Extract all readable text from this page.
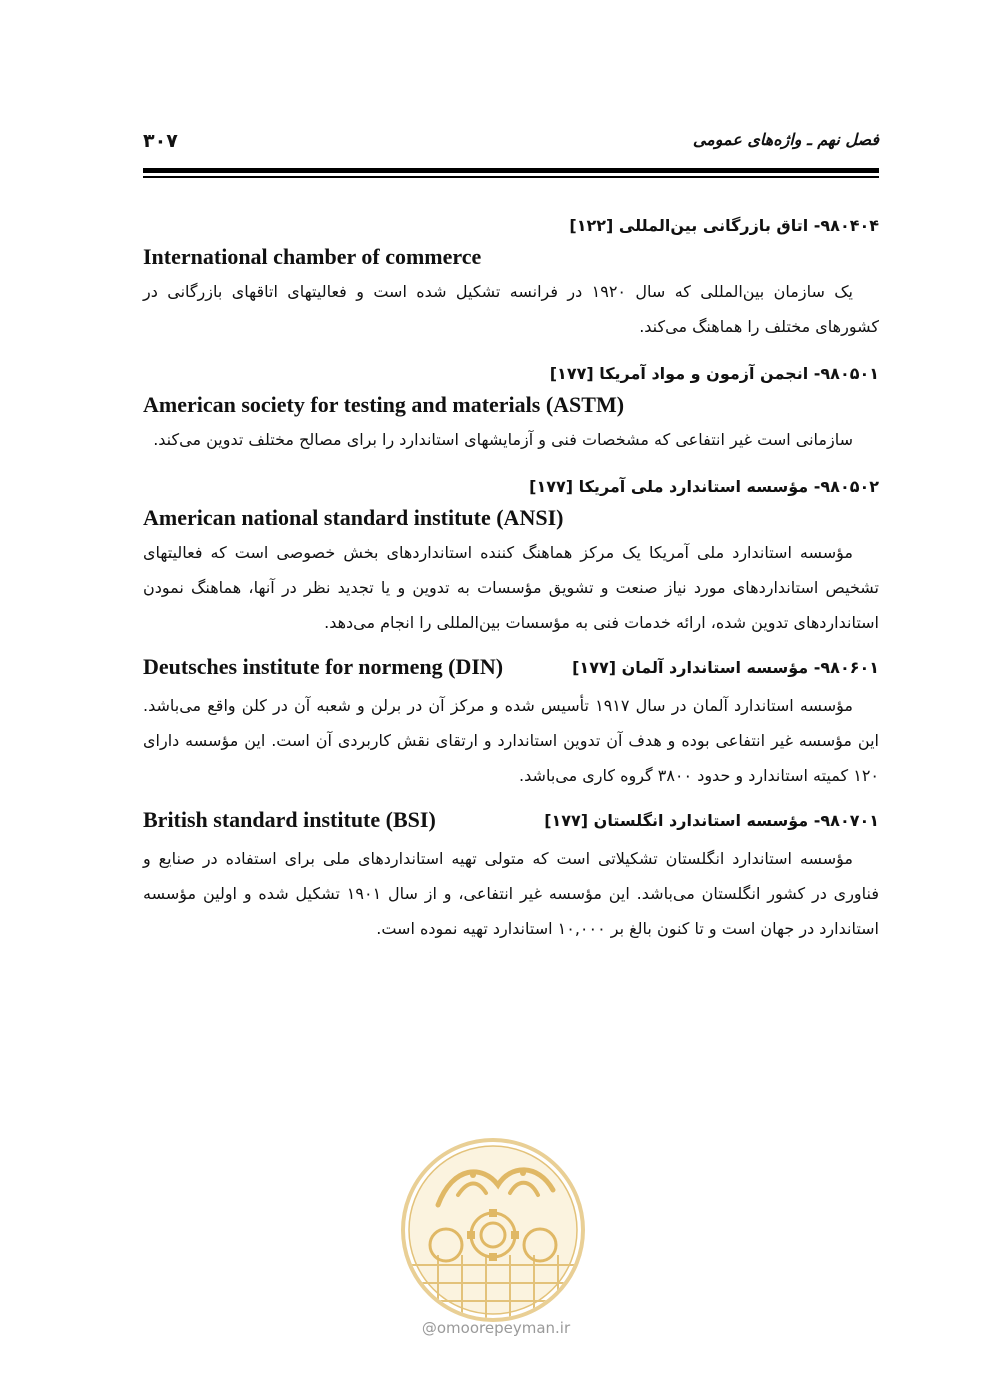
۳۰۷	فصل نهم ـ واژه‌های عمومی
۹۸۰۴۰۴- اتاق بازرگانی بین‌المللی [۱۲۲]
International chamber of commerce

یک سازمان بین‌المللی که سال ۱۹۲۰ در فرانسه تشکیل شده است و فعالیتهای اتاقهای بازرگانی در کشورهای مختلف را هماهنگ می‌کند.

۹۸۰۵۰۱- انجمن آزمون و مواد آمریکا [۱۷۷]
American society for testing and materials (ASTM)

سازمانی است غیر انتفاعی که مشخصات فنی و آزمایشهای استاندارد را برای مصالح مختلف تدوین می‌کند.

۹۸۰۵۰۲- مؤسسه استاندارد ملی آمریکا [۱۷۷]
American national standard institute (ANSI)

مؤسسه استاندارد ملی آمریکا یک مرکز هماهنگ کننده استانداردهای بخش خصوصی است که فعالیتهای تشخیص استانداردهای مورد نیاز صنعت و تشویق مؤسسات به تدوین و یا تجدید نظر در آنها، هماهنگ نمودن استانداردهای تدوین شده، ارائه خدمات فنی به مؤسسات بین‌المللی را انجام می‌دهد.

۹۸۰۶۰۱- مؤسسه استاندارد آلمان [۱۷۷]
Deutsches institute for normeng (DIN)

مؤسسه استاندارد آلمان در سال ۱۹۱۷ تأسیس شده و مرکز آن در برلن و شعبه آن در کلن واقع می‌باشد. این مؤسسه غیر انتفاعی بوده و هدف آن تدوین استاندارد و ارتقای نقش کاربردی آن است. این مؤسسه دارای ۱۲۰ کمیته استاندارد و حدود ۳۸۰۰ گروه کاری می‌باشد.

۹۸۰۷۰۱- مؤسسه استاندارد انگلستان [۱۷۷]
British standard institute (BSI)

مؤسسه استاندارد انگلستان تشکیلاتی است که متولی تهیه استانداردهای ملی برای استفاده در صنایع و فناوری در کشور انگلستان می‌باشد. این مؤسسه غیر انتفاعی، و از سال ۱۹۰۱ تشکیل شده و اولین مؤسسه استاندارد در جهان است و تا کنون بالغ بر ۱۰,۰۰۰ استاندارد تهیه نموده است.

@omoorepeyman.ir
